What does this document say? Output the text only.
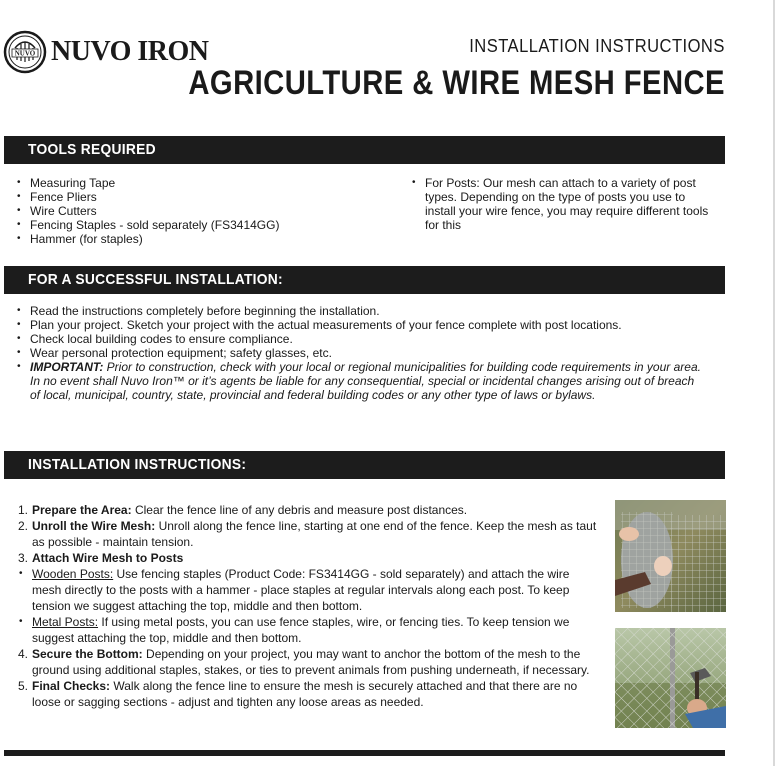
NUVO NUVO IRON	INSTALLATION INSTRUCTIONS
AGRICULTURE & WIRE MESH FENCE
TOOLS REQUIRED
• Measuring Tape
• Fence Pliers
• Wire Cutters
• Fencing Staples - sold separately (FS3414GG)
• Hammer (for staples)
• For Posts: Our mesh can attach to a variety of post types. Depending on the type of posts you use to install your wire fence, you may require different tools for this
FOR A SUCCESSFUL INSTALLATION:
• Read the instructions completely before beginning the installation.
• Plan your project. Sketch your project with the actual measurements of your fence complete with post locations.
• Check local building codes to ensure compliance.
• Wear personal protection equipment; safety glasses, etc.
• IMPORTANT: Prior to construction, check with your local or regional municipalities for building code requirements in your area. In no event shall Nuvo Iron™ or it’s agents be liable for any consequential, special or incidental changes arising out of breach of local, municipal, country, state, provincial and federal building codes or any other type of laws or bylaws.
INSTALLATION INSTRUCTIONS:
1. Prepare the Area: Clear the fence line of any debris and measure post distances.
2. Unroll the Wire Mesh: Unroll along the fence line, starting at one end of the fence. Keep the mesh as taut as possible - maintain tension.
3. Attach Wire Mesh to Posts
• Wooden Posts: Use fencing staples (Product Code: FS3414GG - sold separately) and attach the wire mesh directly to the posts with a hammer - place staples at regular intervals along each post. To keep tension we suggest attaching the top, middle and then bottom.
• Metal Posts: If using metal posts, you can use fence staples, wire, or fencing ties. To keep tension we suggest attaching the top, middle and then bottom.
4. Secure the Bottom: Depending on your project, you may want to anchor the bottom of the mesh to the ground using additional staples, stakes, or ties to prevent animals from pushing underneath, if necessary.
5. Final Checks: Walk along the fence line to ensure the mesh is securely attached and that there are no loose or sagging sections - adjust and tighten any loose areas as needed.
